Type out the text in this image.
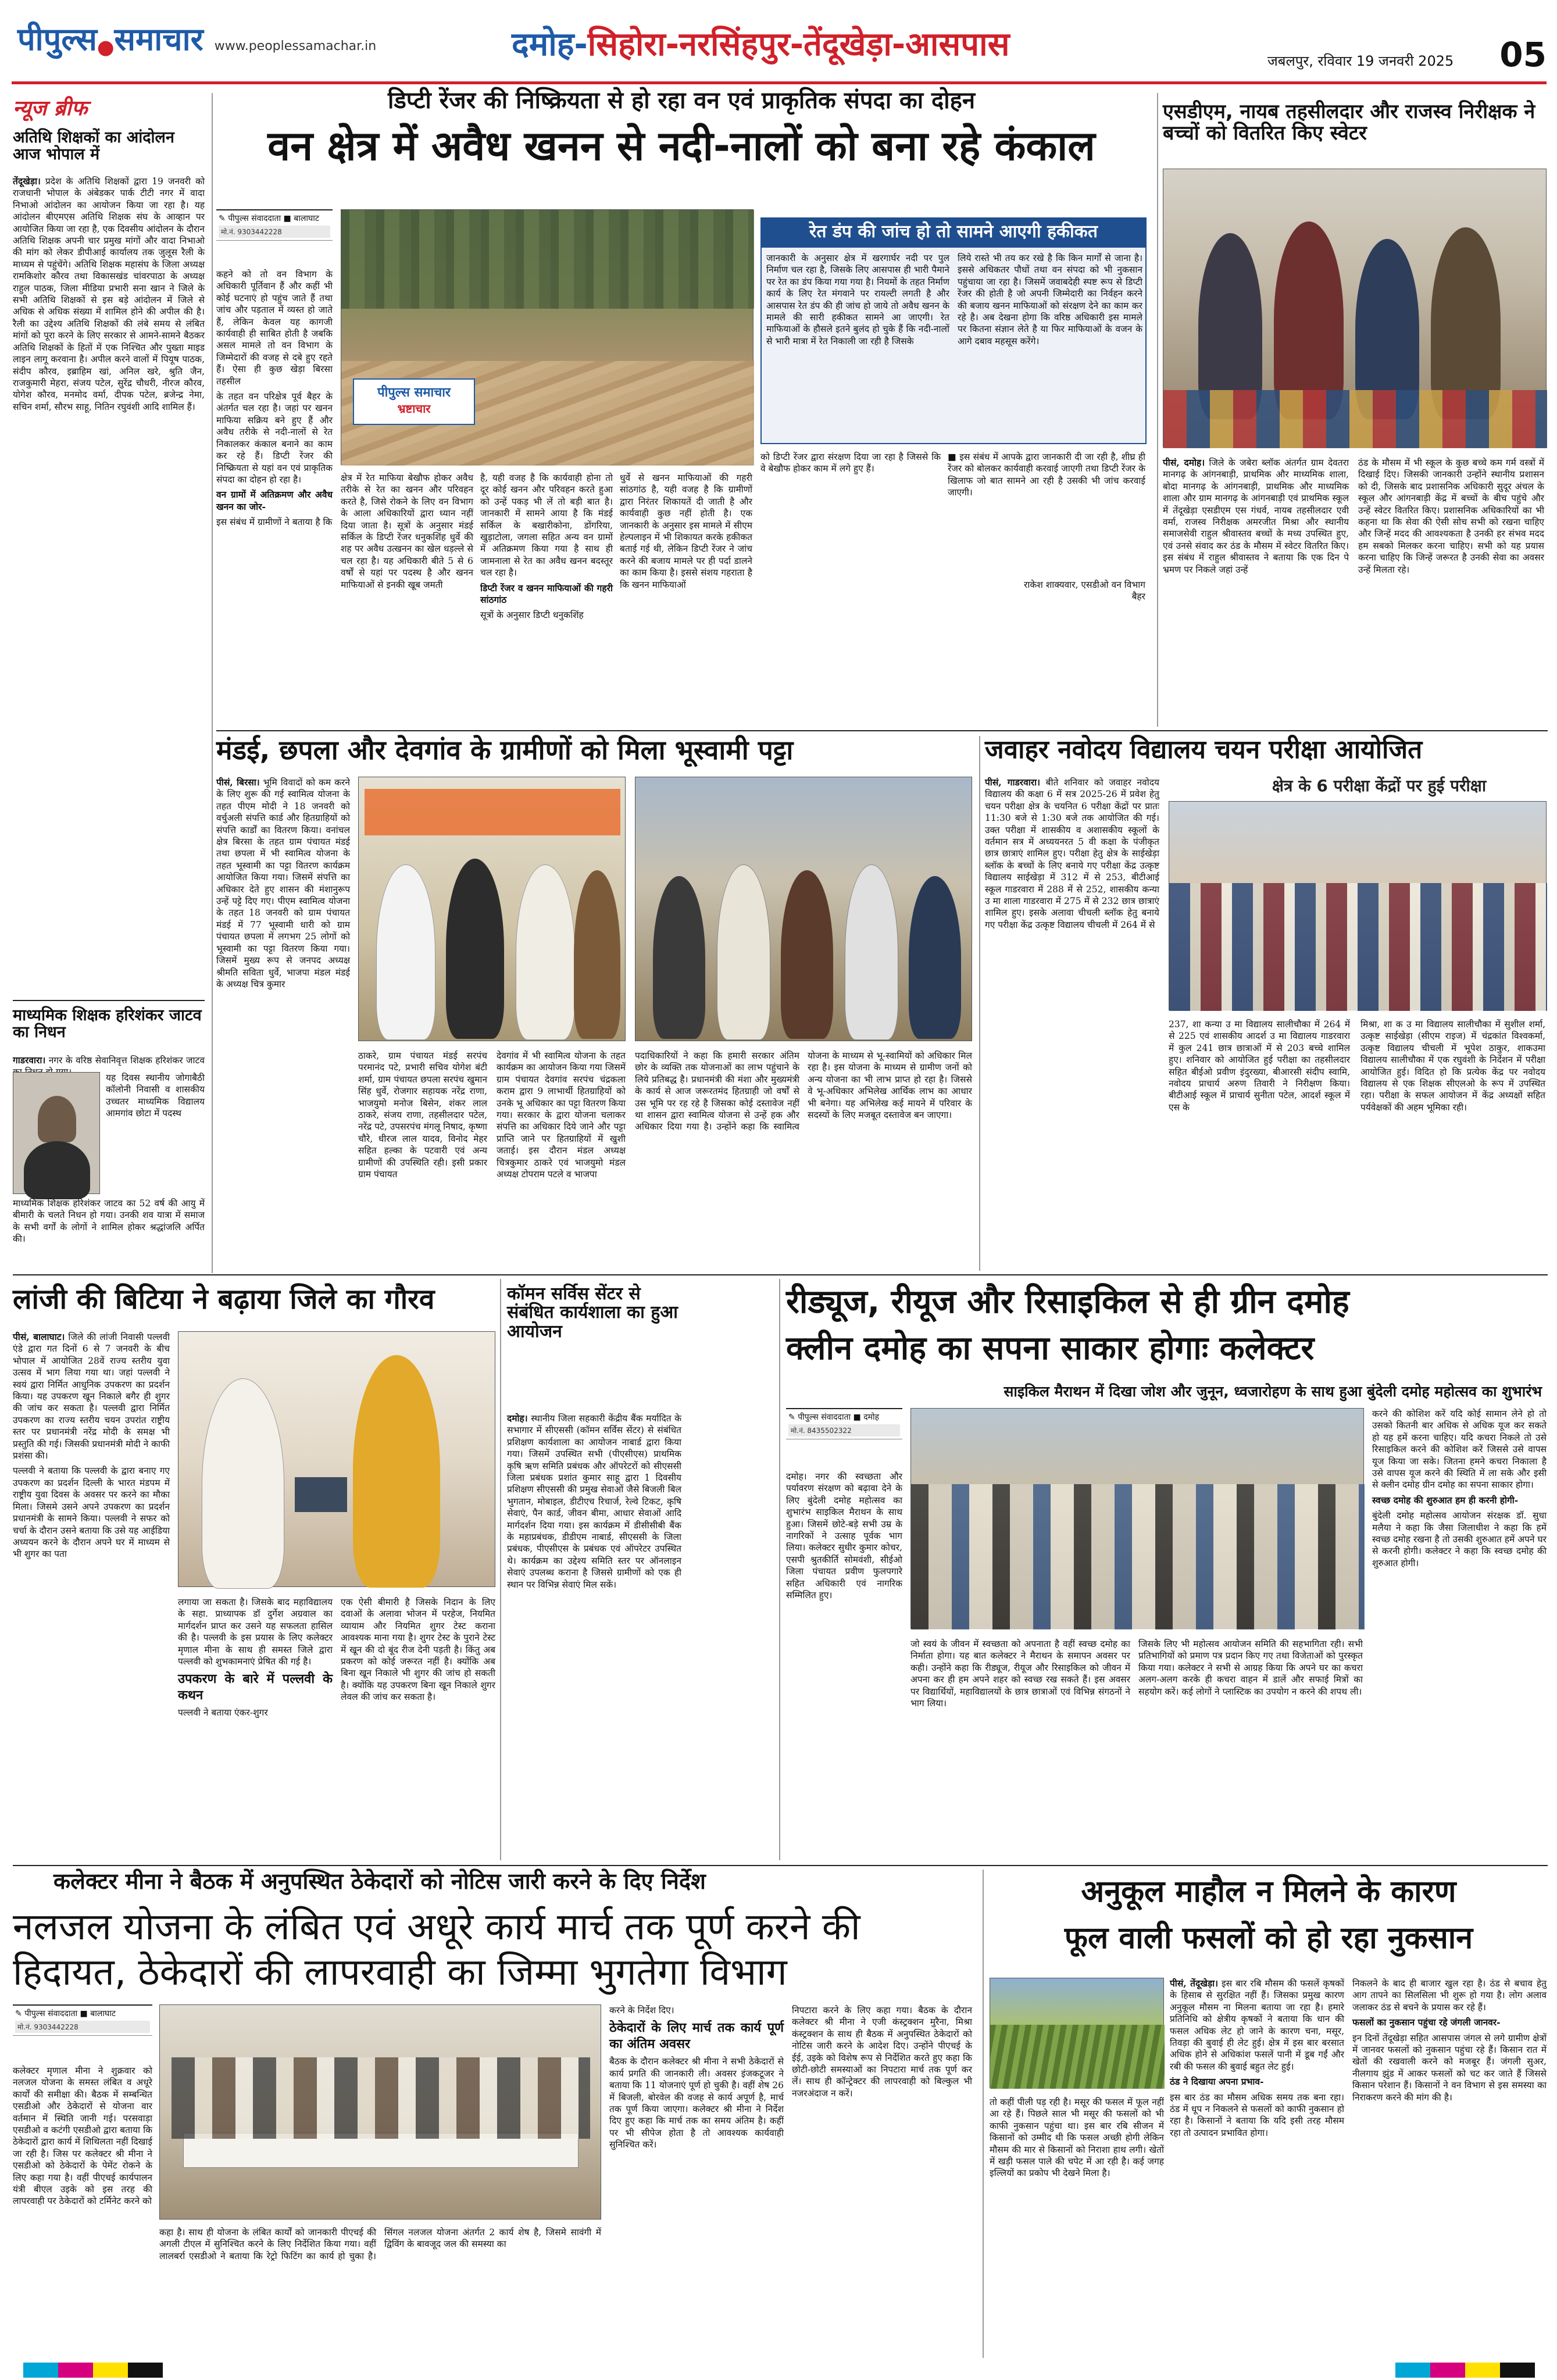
पीपुल्स●समाचार www.peoplessamachar.in	दमोह-सिहोरा-नरसिंहपुर-तेंदूखेड़ा-आसपास	जबलपुर, रविवार 19 जनवरी 2025	05
न्यूज ब्रीफ
अतिथि शिक्षकों का आंदोलन आज भोपाल में
तेंदूखेड़ा। प्रदेश के अतिथि शिक्षकों द्वारा 19 जनवरी को राजधानी भोपाल के अंबेडकर पार्क टीटी नगर में वादा निभाओ आंदोलन का आयोजन किया जा रहा है। यह आंदोलन बीएमएस अतिथि शिक्षक संघ के आव्हान पर आयोजित किया जा रहा है, एक दिवसीय आंदोलन के दौरान अतिथि शिक्षक अपनी चार प्रमुख मांगों और वादा निभाओ की मांग को लेकर डीपीआई कार्यालय तक जुलूस रैली के माध्यम से पहुंचेंगे। अतिथि शिक्षक महासंघ के जिला अध्यक्ष रामकिशोर कौरव तथा विकासखंड चांवरपाठा के अध्यक्ष राहुल पाठक, जिला मीडिया प्रभारी सना खान ने जिले के सभी अतिथि शिक्षकों से इस बड़े आंदोलन में जिले से अधिक से अधिक संख्या में शामिल होने की अपील की है। रैली का उद्देश्य अतिथि शिक्षकों की लंबे समय से लंबित मांगों को पूरा करने के लिए सरकार से आमने-सामने बैठकर अतिथि शिक्षकों के हितों में एक निश्चित और पुख्ता माइड लाइन लागू करवाना है। अपील करने वालों में पियूष पाठक, संदीप कौरव, इब्राहिम खां, अनिल खरे, श्रुति जैन, राजकुमारी मेहरा, संजय पटेल, सुरेंद्र चौधरी, नीरज कौरव, योगेश कौरव, मनमोद वर्मा, दीपक पटेल, ब्रजेन्द्र नेमा, सचिन शर्मा, सौरभ साहू, नितिन रघुवंशी आदि शामिल हैं।
माध्यमिक शिक्षक हरिशंकर जाटव का निधन
गाडरवारा। नगर के वरिष्ठ सेवानिवृत्त शिक्षक हरिशंकर जाटव
यह दिवस स्थानीय जोगाबैठी कॉलोनी निवासी व शासकीय उच्चतर माध्यमिक विद्यालय आमगांव छोटा में पदस्थ
माध्यमिक शिक्षक हरिशंकर जाटव का 52 वर्ष की आयु में बीमारी के चलते निधन हो गया। उनकी शव यात्रा में समाज के सभी वर्गों के लोगों ने शामिल होकर श्रद्धांजलि अर्पित की।
डिप्टी रेंजर की निष्क्रियता से हो रहा वन एवं प्राकृतिक संपदा का दोहन
वन क्षेत्र में अवैध खनन से नदी-नालों को बना रहे कंकाल
✎ पीपुल्स संवाददाता ■ बालाघाट
मो.नं. 9303442228
पीपुल्स समाचार
भ्रष्टाचार

कहने को तो वन विभाग के अधिकारी पूर्तिवान हैं और कहीं भी कोई घटनाएं हो पहुंच जाते हैं तथा जांच और पड़ताल में व्यस्त हो जाते हैं, लेकिन केवल यह कागजी कार्यवाही ही साबित होती है जबकि असल मामले तो वन विभाग के जिम्मेदारों की वजह से दबे हुए रहते हैं। ऐसा ही कुछ खेड़ा बिरसा तहसील

के तहत वन परिक्षेत्र पूर्व बैहर के अंतर्गत चल रहा है। जहां पर खनन माफिया सक्रिय बने हुए हैं और अवैध तरीके से नदी-नालों से रेत निकालकर कंकाल बनाने का काम कर रहे हैं। डिप्टी रेंजर की निष्क्रियता से यहां वन एवं प्राकृतिक संपदा का दोहन हो रहा है।

वन ग्रामों में अतिक्रमण और अवैध खनन का जोर-

इस संबंध में ग्रामीणों ने बताया है कि

क्षेत्र में रेत माफिया बेखौफ होकर अवैध तरीके से रेत का खनन और परिवहन करते है, जिसे रोकने के लिए वन विभाग के आला अधिकारियों द्वारा ध्यान नहीं दिया जाता है। सूत्रों के अनुसार मंडई सर्किल के डिप्टी रेंजर धनुकशिंह धुर्वे की शह पर अवैध उत्खनन का खेल धड़ल्ले से चल रहा है। यह अधिकारी बीते 5 से 6 वर्षों से यहां पर पदस्थ है और खनन माफियाओं से इनकी खूब जमती

है, यही वजह है कि कार्यवाही होना तो दूर कोई खनन और परिवहन करते हुआ को उन्हें पकड़ भी लें तो बड़ी बात है। जानकारी में सामने आया है कि मंडई सर्किल के बखारीकोना, डोंगरिया, खुड़ाटोला, जगला सहित अन्य वन ग्रामों में अतिक्रमण किया गया है साथ ही जामनाला से रेत का अवैध खनन बदस्तूर चल रहा है।

डिप्टी रेंजर व खनन माफियाओं की गहरी सांठगांठ

सूत्रों के अनुसार डिप्टी धनुकशिंह

धुर्वे से खनन माफियाओं की गहरी सांठगांठ है, यही वजह है कि ग्रामीणों द्वारा निरंतर शिकायतें दी जाती है और कार्यवाही कुछ नहीं होती है। एक जानकारी के अनुसार इस मामले में सीएम हेल्पलाइन में भी शिकायत करके हकीकत बताई गई थी, लेकिन डिप्टी रेंजर ने जांच करने की बजाय मामले पर ही पर्दा डालने का काम किया है। इससे संशय गहराता है कि खनन माफियाओं
रेत डंप की जांच हो तो सामने आएगी हकीकत
जानकारी के अनुसार क्षेत्र में खरगार्घर नदी पर पुल निर्माण चल रहा है, जिसके लिए आसपास ही भारी पैमाने पर रेत का डंप किया गया गया है। नियमों के तहत निर्माण कार्य के लिए रेत मंगवाने पर रायल्टी लगती है और आसपास रेत डंप की ही जांच हो जाये तो अवैध खनन के मामले की सारी हकीकत सामने आ जाएगी। रेत माफियाओं के हौसले इतने बुलंद हो चुके हैं कि नदी-नालों से भारी मात्रा में रेत निकाली जा रही है जिसके
लिये रास्ते भी तय कर रखे है कि किन मार्गों से जाना है। इससे अधिकतर पौधों तथा वन संपदा को भी नुकसान पहुंचाया जा रहा है। जिसमें जवाबदेही स्पष्ट रूप से डिप्टी रेंजर की होती है जो अपनी जिम्मेदारी का निर्वहन करने की बजाय खनन माफियाओं को संरक्षण देने का काम कर रहे है। अब देखना होगा कि वरिष्ठ अधिकारी इस मामले पर कितना संज्ञान लेते है या फिर माफियाओं के वजन के आगे दबाव महसूस करेंगे।
को डिप्टी रेंजर द्वारा संरक्षण दिया जा रहा है जिससे कि वे बेखौफ होकर काम में लगे हुए हैं।
■ इस संबंध में आपके द्वारा जानकारी दी जा रही है, शीघ्र ही रेंजर को बोलकर कार्यवाही करवाई जाएगी तथा डिप्टी रेंजर के खिलाफ जो बात सामने आ रही है उसकी भी जांच करवाई जाएगी।
राकेश शाक्यवार, एसडीओ वन विभाग बैहर
एसडीएम, नायब तहसीलदार और राजस्व निरीक्षक ने बच्चों को वितरित किए स्वेटर
पीसं, दमोह। जिले के जबेरा ब्लॉक अंतर्गत ग्राम देवतरा मानगढ़ के आंगनबाड़ी, प्राथमिक और माध्यमिक शाला, बोदा मानगढ़ के आंगनबाड़ी, प्राथमिक और माध्यमिक शाला और ग्राम मानगढ़ के आंगनबाड़ी एवं प्राथमिक स्कूल में तेंदूखेड़ा एसडीएम एस गंधर्व, नायब तहसीलदार एवी वर्मा, राजस्व निरीक्षक अमरजीत मिश्रा और स्थानीय समाजसेवी राहुल श्रीवास्तव बच्चों के मध्य उपस्थित हुए, एवं उनसे संवाद कर ठंड के मौसम में स्वेटर वितरित किए। इस संबंध में राहुल श्रीवास्तव ने बताया कि एक दिन पे भ्रमण पर निकले जहां उन्हें
ठंड के मौसम में भी स्कूल के कुछ बच्चे कम गर्म वस्त्रों में दिखाई दिए। जिसकी जानकारी उन्होंने स्थानीय प्रशासन को दी, जिसके बाद प्रशासनिक अधिकारी सुदूर अंचल के स्कूल और आंगनबाड़ी केंद्र में बच्चों के बीच पहुंचे और उन्हें स्वेटर वितरित किए। प्रशासनिक अधिकारियों का भी कहना था कि सेवा की ऐसी सोच सभी को रखना चाहिए और जिन्हें मदद की आवश्यकता है उनकी हर संभव मदद हम सबको मिलकर करना चाहिए। सभी को यह प्रयास करना चाहिए कि जिन्हें जरूरत है उनकी सेवा का अवसर उन्हें मिलता रहे।
मंडई, छपला और देवगांव के ग्रामीणों को मिला भूस्वामी पट्टा
पीसं, बिरसा। भूमि विवादों को कम करने के लिए शुरू की गई स्वामित्व योजना के तहत पीएम मोदी ने 18 जनवरी को वर्चुअली संपत्ति कार्ड और हितग्राहियों को संपत्ति कार्डों का वितरण किया। वनांचल क्षेत्र बिरसा के तहत ग्राम पंचायत मंडई तथा छपला में भी स्वामित्व योजना के तहत भूस्वामी का पट्टा वितरण कार्यक्रम आयोजित किया गया। जिसमें संपत्ति का अधिकार देते हुए शासन की मंशानुरूप उन्हें पट्टे दिए गए। पीएम स्वामित्व योजना के तहत 18 जनवरी को ग्राम पंचायत मंडई में 77 भूस्वामी धारी को ग्राम पंचायत छपला में लगभग 25 लोगों को भूस्वामी का पट्टा वितरण किया गया। जिसमें मुख्य रूप से जनपद अध्यक्ष श्रीमति सविता धुर्वे, भाजपा मंडल मंडई के अध्यक्ष चित्र कुमार
ठाकरे, ग्राम पंचायत मंडई सरपंच परमानंद पटे, प्रभारी सचिव योगेश बंटी शर्मा, ग्राम पंचायत छपला सरपंच खुमान सिंह धुर्वे, रोजगार सहायक नरेंद्र राणा, भाजयुमो मनोज बिसेन, शंकर लाल ठाकरे, संजय राणा, तहसीलदार पटेल, नरेंद्र पटे, उपसरपंच मंगलू निषाद, कृष्णा चौरे, धीरज लाल यादव, विनोद मेहर सहित हल्का के पटवारी एवं अन्य ग्रामीणों की उपस्थिति रही। इसी प्रकार ग्राम पंचायत
देवगांव में भी स्वामित्व योजना के तहत कार्यक्रम का आयोजन किया गया जिसमें ग्राम पंचायत देवगांव सरपंच चंद्रकला कराम द्वारा 9 लाभार्थी हितग्राहियों को उनके भू अधिकार का पट्टा वितरण किया गया। सरकार के द्वारा योजना चलाकर संपत्ति का अधिकार दिये जाने और पट्टा प्राप्ति जाने पर हितग्राहियों में खुशी जताई। इस दौरान मंडल अध्यक्ष चित्रकुमार ठाकरे एवं भाजयुमो मंडल अध्यक्ष टोपराम पटले व भाजपा
पदाधिकारियों ने कहा कि हमारी सरकार अंतिम छोर के व्यक्ति तक योजनाओं का लाभ पहुंचाने के लिये प्रतिबद्ध है। प्रधानमंत्री की मंशा और मुख्यमंत्री के कार्य से आज जरूरतमंद हितग्राही जो वर्षों से उस भूमि पर रह रहे है जिसका कोई दस्तावेज नहीं था शासन द्वारा स्वामित्व योजना से उन्हें हक और अधिकार दिया गया है। उन्होंने कहा कि स्वामित्व योजना के माध्यम से भू-स्वामियों को अधिकार मिल रहा है। इस योजना के माध्यम से ग्रामीण जनों को अन्य योजना का भी लाभ प्राप्त हो रहा है। जिससे वे भू-अधिकार अभिलेख आर्थिक लाभ का आधार भी बनेगा। यह अभिलेख कई मायने में परिवार के सदस्यों के लिए मजबूत दस्तावेज बन जाएगा।
जवाहर नवोदय विद्यालय चयन परीक्षा आयोजित
क्षेत्र के 6 परीक्षा केंद्रों पर हुई परीक्षा
पीसं, गाडरवारा। बीते शनिवार को जवाहर नवोदय विद्यालय की कक्षा 6 में सत्र 2025-26 में प्रवेश हेतु चयन परीक्षा क्षेत्र के चयनित 6 परीक्षा केंद्रों पर प्रातः 11:30 बजे से 1:30 बजे तक आयोजित की गई। उक्त परीक्षा में शासकीय व अशासकीय स्कूलों के वर्तमान सत्र में अध्ययनरत 5 वी कक्षा के पंजीकृत छात्र छात्राएं शामिल हुए। परीक्षा हेतु क्षेत्र के साईखेड़ा ब्लॉक के बच्चों के लिए बनाये गए परीक्षा केंद्र उत्कृष्ट विद्यालय साईखेड़ा में 312 में से 253, बीटीआई स्कूल गाडरवारा में 288 में से 252, शासकीय कन्या उ मा शाला गाडरवारा में 275 में से 232 छात्र छात्राएं शामिल हुए। इसके अलावा चीचली ब्लॉक हेतु बनाये गए परीक्षा केंद्र उत्कृष्ट विद्यालय चीचली में 264 में से
237, शा कन्या उ मा विद्यालय सालीचौका में 264 में से 225 एवं शासकीय आदर्श उ मा विद्यालय गाडरवारा में कुल 241 छात्र छात्राओं में से 203 बच्चे शामिल हुए। शनिवार को आयोजित हुई परीक्षा का तहसीलदार सहित बीईओ प्रवीण इंदुरख्या, बीआरसी संदीप स्वामि, नवोदय प्राचार्य अरुण तिवारी ने निरीक्षण किया। बीटीआई स्कूल में प्राचार्य सुनीता पटेल, आदर्श स्कूल में एस के
मिश्रा, शा क उ मा विद्यालय सालीचौका में सुशील शर्मा, उत्कृष्ट साईखेड़ा (सीएम राइज) में चंद्रकांत विश्वकर्मा, उत्कृष्ट विद्यालय चीचली में भूपेश ठाकुर, शाकउमा विद्यालय सालीचौका में एक रघुवंशी के निर्देशन में परीक्षा आयोजित हुई। विदित हो कि प्रत्येक केंद्र पर नवोदय विद्यालय से एक शिक्षक सीएलओ के रूप में उपस्थित रहा। परीक्षा के सफल आयोजन में केंद्र अध्यक्षों सहित पर्यवेक्षकों की अहम भूमिका रही।
लांजी की बिटिया ने बढ़ाया जिले का गौरव

पीसं, बालाघाट। जिले की लांजी निवासी पल्लवी एंडे द्वारा गत दिनों 6 से 7 जनवरी के बीच भोपाल में आयोजित 28वें राज्य स्तरीय युवा उत्सव में भाग लिया गया था। जहां पल्लवी ने स्वयं द्वारा निर्मित आधुनिक उपकरण का प्रदर्शन किया। यह उपकरण खून निकाले बगैर ही शुगर की जांच कर सकता है। पल्लवी द्वारा निर्मित उपकरण का राज्य स्तरीय चयन उपरांत राष्ट्रीय स्तर पर प्रधानमंत्री नरेंद्र मोदी के समक्ष भी प्रस्तुति की गई। जिसकी प्रधानमंत्री मोदी ने काफी प्रशंसा की।

पल्लवी ने बताया कि पल्लवी के द्वारा बनाए गए उपकरण का प्रदर्शन दिल्ली के भारत मंडपम में राष्ट्रीय युवा दिवस के अवसर पर करने का मौका मिला। जिसमे उसने अपने उपकरण का प्रदर्शन प्रधानमंत्री के सामने किया। पल्लवी ने सफर को चर्चा के दौरान उसने बताया कि उसे यह आईडिया अध्ययन करने के दौरान अपने घर में माध्यम से भी शुगर का पता

लगाया जा सकता है। जिसके बाद महाविद्यालय के सहा. प्राध्यापक डॉ दुर्गेश अग्रवाल का मार्गदर्शन प्राप्त कर उसने यह सफलता हासिल की है। पल्लवी के इस प्रयास के लिए कलेक्टर मृणाल मीना के साथ ही समस्त जिले द्वारा पल्लवी को शुभकामनाएं प्रेषित की गई है।

उपकरण के बारे में पल्लवी के कथन

पल्लवी ने बताया एंकर-शुगर

एक ऐसी बीमारी है जिसके निदान के लिए दवाओं के अलावा भोजन में परहेज, नियमित व्यायाम और नियमित शुगर टेस्ट कराना आवश्यक माना गया है। शुगर टेस्ट के पुराने टेस्ट में खून की दो बूंद रीज देनी पड़ती है। किंतु अब प्रकरण को कोई जरूरत नहीं है। क्योंकि अब बिना खून निकाले भी शुगर की जांच हो सकती है। क्योंकि यह उपकरण बिना खून निकाले शुगर लेवल की जांच कर सकता है।
कॉमन सर्विस सेंटर से संबंधित कार्यशाला का हुआ आयोजन
दमोह। स्थानीय जिला सहकारी केंद्रीय बैंक मर्यादित के सभागार में सीएससी (कॉमन सर्विस सेंटर) से संबंधित प्रशिक्षण कार्यशाला का आयोजन नाबार्ड द्वारा किया गया। जिसमें उपस्थित सभी (पीएसीएस) प्राथमिक कृषि ऋण समिति प्रबंधक और ऑपरेटरों को सीएससी जिला प्रबंधक प्रशांत कुमार साहू द्वारा 1 दिवसीय प्रशिक्षण सीएससी की प्रमुख सेवाओं जैसे बिजली बिल भुगतान, मोबाइल, डीटीएच रिचार्ज, रेल्वे टिकट, कृषि सेवाएं, पैन कार्ड, जीवन बीमा, आधार सेवाओं आदि मार्गदर्शन दिया गया। इस कार्यक्रम में डीसीसीबी बैंक के महाप्रबंधक, डीडीएम नाबार्ड, सीएससी के जिला प्रबंधक, पीएसीएस के प्रबंधक एवं ऑपरेटर उपस्थित थे। कार्यक्रम का उद्देश्य समिति स्तर पर ऑनलाइन सेवाएं उपलब्ध कराना है जिससे ग्रामीणों को एक ही स्थान पर विभिन्न सेवाएं मिल सकें।
रीड्यूज, रीयूज और रिसाइकिल से ही ग्रीन दमोह
क्लीन दमोह का सपना साकार होगाः कलेक्टर
साइकिल मैराथन में दिखा जोश और जुनून, ध्वजारोहण के साथ हुआ बुंदेली दमोह महोत्सव का शुभारंभ
✎ पीपुल्स संवाददाता ■ दमोह
मो.नं. 8435502322
दमोह। नगर की स्वच्छता और पर्यावरण संरक्षण को बढ़ावा देने के लिए बुंदेली दमोह महोत्सव का शुभारंभ साइकिल मैराथन के साथ हुआ। जिसमें छोटे-बड़े सभी उम्र के नागरिकों ने उत्साह पूर्वक भाग लिया। कलेक्टर सुधीर कुमार कोचर, एसपी श्रुतकीर्ति सोमवंशी, सीईओ जिला पंचायत प्रवीण फुलपगारे सहित अधिकारी एवं नागरिक सम्मिलित हुए।
जो स्वयं के जीवन में स्वच्छता को अपनाता है वहीं स्वच्छ दमोह का निर्माता होगा। यह बात कलेक्टर ने मैराथन के समापन अवसर पर कही। उन्होंने कहा कि रीड्यूज, रीयूज और रिसाइकिल को जीवन में अपना कर ही हम अपने शहर को स्वच्छ रख सकते हैं। इस अवसर पर विद्यार्थियों, महाविद्यालयों के छात्र छात्राओं एवं विभिन्न संगठनों ने भाग लिया।
जिसके लिए भी महोत्सव आयोजन समिति की सहभागिता रही। सभी प्रतिभागियों को प्रमाण पत्र प्रदान किए गए तथा विजेताओं को पुरस्कृत किया गया। कलेक्टर ने सभी से आग्रह किया कि अपने घर का कचरा अलग-अलग करके ही कचरा वाहन में डालें और सफाई मित्रों का सहयोग करें। कई लोगों ने प्लास्टिक का उपयोग न करने की शपथ ली।

करने की कोशिश करें यदि कोई सामान लेने हो तो उसको कितनी बार अधिक से अधिक यूज कर सकते हो यह हमें करना चाहिए। यदि कचरा निकले तो उसे रिसाइकिल करने की कोशिश करें जिससे उसे वापस यूज किया जा सके। जितना हमने कचरा निकाला है उसे वापस यूज करने की स्थिति में ला सके और इसी से क्लीन दमोह ग्रीन दमोह का सपना साकार होगा।

स्वच्छ दमोह की शुरुआत हम ही करनी होगी-

बुंदेली दमोह महोत्सव आयोजन संरक्षक डॉ. सुधा मलैया ने कहा कि जैसा जिलाधीश ने कहा कि हमें स्वच्छ दमोह रखना है तो उसकी शुरुआत हमें अपने घर से करनी होगी। कलेक्टर ने कहा कि स्वच्छ दमोह की शुरुआत होगी।

कलेक्टर मीना ने बैठक में अनुपस्थित ठेकेदारों को नोटिस जारी करने के दिए निर्देश
नलजल योजना के लंबित एवं अधूरे कार्य मार्च तक पूर्ण करने की हिदायत, ठेकेदारों की लापरवाही का जिम्मा भुगतेगा विभाग
✎ पीपुल्स संवाददाता ■ बालाघाट
मो.नं. 9303442228
कलेक्टर मृणाल मीना ने शुक्रवार को नलजल योजना के समस्त लंबित व अधूरे कार्यों की समीक्षा की। बैठक में सम्बन्धित एसडीओ और ठेकेदारों से योजना वार वर्तमान में स्थिति जानी गई। परसवाड़ा एसडीओ व कटंगी एसडीओ द्वारा बताया कि ठेकेदारों द्वारा कार्य में शिथिलता नहीं दिखाई जा रही है। जिस पर कलेक्टर श्री मीना ने एसडीओ को ठेकेदारों के पेमेंट रोकने के लिए कहा गया है। वहीं पीएचई कार्यपालन यंत्री बीएल उइके को इस तरह की लापरवाही पर ठेकेदारों को टर्मिनेट करने को
कहा है। साथ ही योजना के लंबित कार्यों को जानकारी पीएचई की अगली टीएल में सुनिश्चित करने के लिए निर्देशित किया गया। वहीं लालबर्रा एसडीओ ने बताया कि रेट्रो फिटिंग का कार्य हो चुका है। सिंगल नलजल योजना अंतर्गत 2 कार्य शेष है, जिसमे सावंगी में द्विविंग के बावजूद जल की समस्या का

करने के निर्देश दिए।

ठेकेदारों के लिए मार्च तक कार्य पूर्ण का अंतिम अवसर

बैठक के दौरान कलेक्टर श्री मीना ने सभी ठेकेदारों से कार्य प्रगति की जानकारी ली। अवसर इंजकटूजर ने बताया कि 11 योजनाएं पूर्ण हो चुकी है। वहीं शेष 26 में बिजली, बोरवेल की वजह से कार्य अपूर्ण है, मार्च तक पूर्ण किया जाएगा। कलेक्टर श्री मीना ने निर्देश दिए हुए कहा कि मार्च तक का समय अंतिम है। कहीं पर भी सीपेज होता है तो आवश्यक कार्यवाही सुनिश्चित करें।

निपटारा करने के लिए कहा गया। बैठक के दौरान कलेक्टर श्री मीना ने एजी कंस्ट्रक्शन मुरैना, मिश्रा कंस्ट्रक्शन के साथ ही बैठक में अनुपस्थित ठेकेदारों को नोटिस जारी करने के आदेश दिए। उन्होंने पीएचई के ईई, उइके को विशेष रूप से निर्देशित करते हुए कहा कि छोटी-छोटी समस्याओं का निपटारा मार्च तक पूर्ण कर लें। साथ ही कॉन्ट्रेक्टर की लापरवाही को बिल्कुल भी नजरअंदाज न करें।
अनुकूल माहौल न मिलने के कारण
फूल वाली फसलों को हो रहा नुकसान

पीसं, तेंदूखेड़ा। इस बार रबि मौसम की फसलें कृषकों के हिसाब से सुरक्षित नहीं हैं। जिसका प्रमुख कारण अनुकूल मौसम ना मिलना बताया जा रहा है। हमारे प्रतिनिधि को क्षेत्रीय कृषकों ने बताया कि धान की फसल अधिक लेट हो जाने के कारण चना, मसूर, तिवड़ा की बुवाई ही लेट हुई। क्षेत्र में इस बार बरसात अधिक होने से अधिकांश फसलें पानी में डूब गईं और रबी की फसल की बुवाई बहुत लेट हुई।

ठंड ने दिखाया अपना प्रभाव-

इस बार ठंड का मौसम अधिक समय तक बना रहा। ठंड में धूप न निकलने से फसलों को काफी नुकसान हो रहा है। किसानों ने बताया कि यदि इसी तरह मौसम रहा तो उत्पादन प्रभावित होगा।

तो कहीं पीली पड़ रही है। मसूर की फसल में फूल नहीं आ रहे हैं। पिछले साल भी मसूर की फसलों को भी काफी नुकसान पहुंचा था। इस बार रबि सीजन में किसानों को उम्मीद थी कि फसल अच्छी होगी लेकिन मौसम की मार से किसानों को निराशा हाथ लगी। खेतों में खड़ी फसल पाले की चपेट में आ रही है। कई जगह इल्लियों का प्रकोप भी देखने मिला है।

निकलने के बाद ही बाजार खुल रहा है। ठंड से बचाव हेतु आग तापने का सिलसिला भी शुरू हो गया है। लोग अलाव जलाकर ठंड से बचने के प्रयास कर रहे हैं।

फसलों का नुकसान पहुंचा रहे जंगली जानवर-

इन दिनों तेंदूखेड़ा सहित आसपास जंगल से लगे ग्रामीण क्षेत्रों में जानवर फसलों को नुकसान पहुंचा रहे हैं। किसान रात में खेतों की रखवाली करने को मजबूर हैं। जंगली सुअर, नीलगाय झुंड में आकर फसलों को चट कर जाते हैं जिससे किसान परेशान हैं। किसानों ने वन विभाग से इस समस्या का निराकरण करने की मांग की है।
